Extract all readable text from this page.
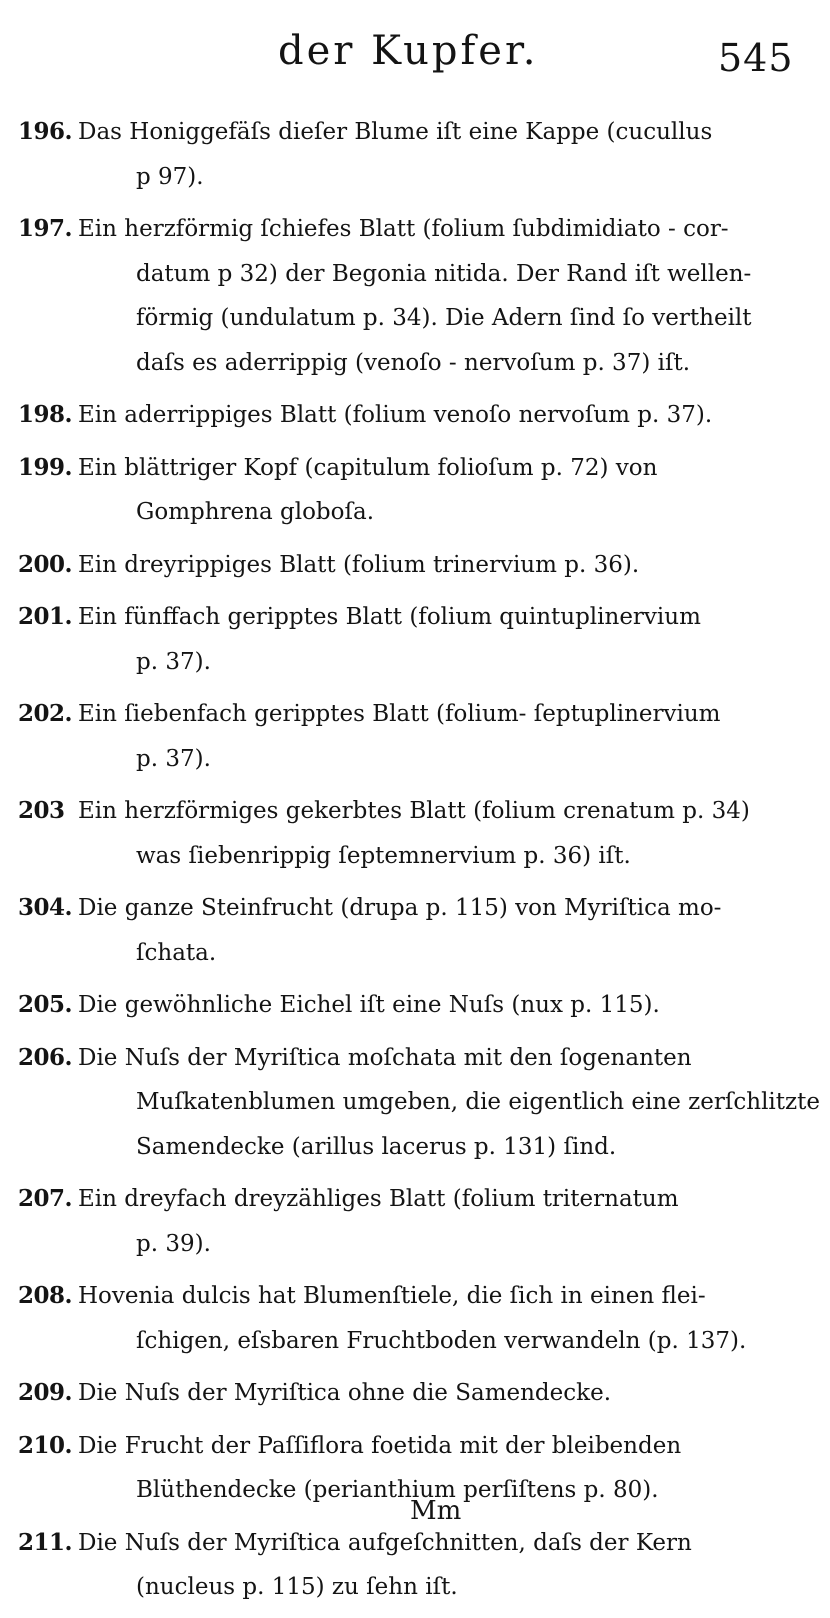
der Kupfer.	545
196. Das Honiggefäſs dieſer Blume iſt eine Kappe (cucullus
p 97).
197. Ein herzförmig ſchiefes Blatt (folium ſubdimidiato - cor-
datum p 32) der Begonia nitida. Der Rand iſt wellen-
förmig (undulatum p. 34). Die Adern ſind ſo vertheilt
daſs es aderrippig (venoſo - nervoſum p. 37) iſt.
198. Ein aderrippiges Blatt (folium venoſo nervoſum p. 37).
199. Ein blättriger Kopf (capitulum folioſum p. 72) von
Gomphrena globoſa.
200. Ein dreyrippiges Blatt (folium trinervium p. 36).
201. Ein fünffach geripptes Blatt (folium quintuplinervium
p. 37).
202. Ein ſiebenfach geripptes Blatt (folium- ſeptuplinervium
p. 37).
203 Ein herzförmiges gekerbtes Blatt (folium crenatum p. 34)
was ſiebenrippig ſeptemnervium p. 36) iſt.
304. Die ganze Steinfrucht (drupa p. 115) von Myriſtica mo-
ſchata.
205. Die gewöhnliche Eichel iſt eine Nuſs (nux p. 115).
206. Die Nuſs der Myriſtica moſchata mit den ſogenanten
Muſkatenblumen umgeben, die eigentlich eine zerſchlitzte
Samendecke (arillus lacerus p. 131) ſind.
207. Ein dreyfach dreyzähliges Blatt (folium triternatum
p. 39).
208. Hovenia dulcis hat Blumenſtiele, die ſich in einen flei-
ſchigen, eſsbaren Fruchtboden verwandeln (p. 137).
209. Die Nuſs der Myriſtica ohne die Samendecke.
210. Die Frucht der Paſſiflora foetida mit der bleibenden
Blüthendecke (perianthium perſiſtens p. 80).
211. Die Nuſs der Myriſtica aufgeſchnitten, daſs der Kern
(nucleus p. 115) zu ſehn iſt.
Mm
